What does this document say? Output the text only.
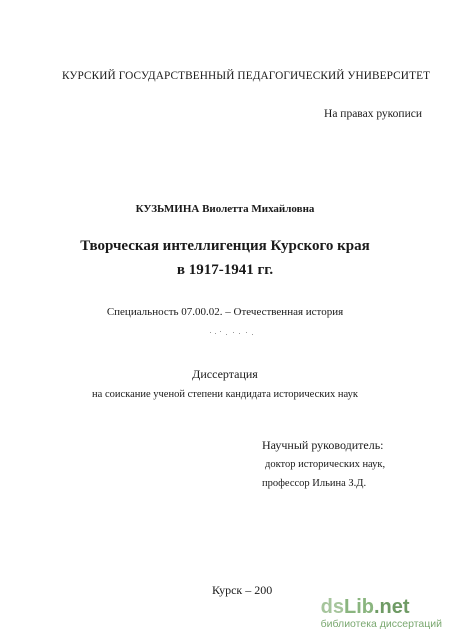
КУРСКИЙ ГОСУДАРСТВЕННЫЙ ПЕДАГОГИЧЕСКИЙ УНИВЕРСИТЕТ
На правах рукописи
КУЗЬМИНА Виолетта Михайловна
Творческая интеллигенция Курского края
в 1917-1941 гг.
Специальность 07.00.02. – Отечественная история
Диссертация
на соискание ученой степени кандидата исторических наук
Научный руководитель:
доктор исторических наук,
профессор Ильина З.Д.
Курск – 200
dsLib.net
библиотека диссертаций
